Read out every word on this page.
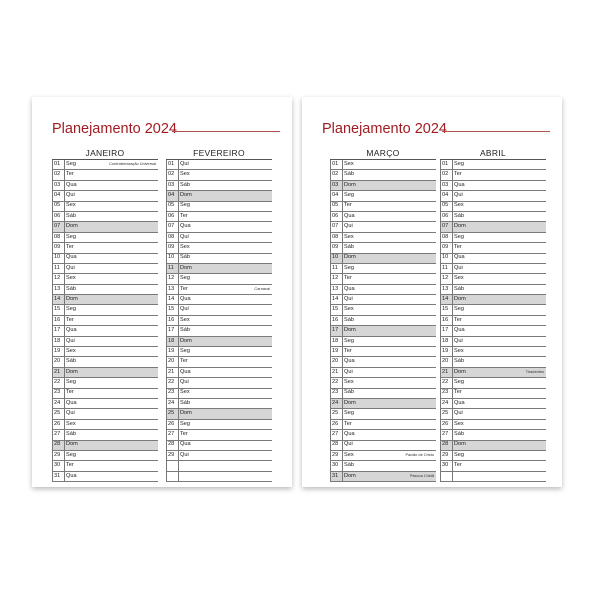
Planejamento 2024
JANEIRO
01	Seg	Confraternização Universal
02	Ter
03	Qua
04	Qui
05	Sex
06	Sáb
07	Dom
08	Seg
09	Ter
10	Qua
11	Qui
12	Sex
13	Sáb
14	Dom
15	Seg
16	Ter
17	Qua
18	Qui
19	Sex
20	Sáb
21	Dom
22	Seg
23	Ter
24	Qua
25	Qui
26	Sex
27	Sáb
28	Dom
29	Seg
30	Ter
31	Qua
FEVEREIRO
01	Qui
02	Sex
03	Sáb
04	Dom
05	Seg
06	Ter
07	Qua
08	Qui
09	Sex
10	Sáb
11	Dom
12	Seg
13	Ter	Carnaval
14	Qua
15	Qui
16	Sex
17	Sáb
18	Dom
19	Seg
20	Ter
21	Qua
22	Qui
23	Sex
24	Sáb
25	Dom
26	Seg
27	Ter
28	Qua
29	Qui
Planejamento 2024
MARÇO
01	Sex
02	Sáb
03	Dom
04	Seg
05	Ter
06	Qua
07	Qui
08	Sex
09	Sáb
10	Dom
11	Seg
12	Ter
13	Qua
14	Qui
15	Sex
16	Sáb
17	Dom
18	Seg
19	Ter
20	Qua
21	Qui
22	Sex
23	Sáb
24	Dom
25	Seg
26	Ter
27	Qua
28	Qui
29	Sex	Paixão de Cristo
30	Sáb
31	Dom	Páscoa Cristã
ABRIL
01	Seg
02	Ter
03	Qua
04	Qui
05	Sex
06	Sáb
07	Dom
08	Seg
09	Ter
10	Qua
11	Qui
12	Sex
13	Sáb
14	Dom
15	Seg
16	Ter
17	Qua
18	Qui
19	Sex
20	Sáb
21	Dom	Tiradentes
22	Seg
23	Ter
24	Qua
25	Qui
26	Sex
27	Sáb
28	Dom
29	Seg
30	Ter
